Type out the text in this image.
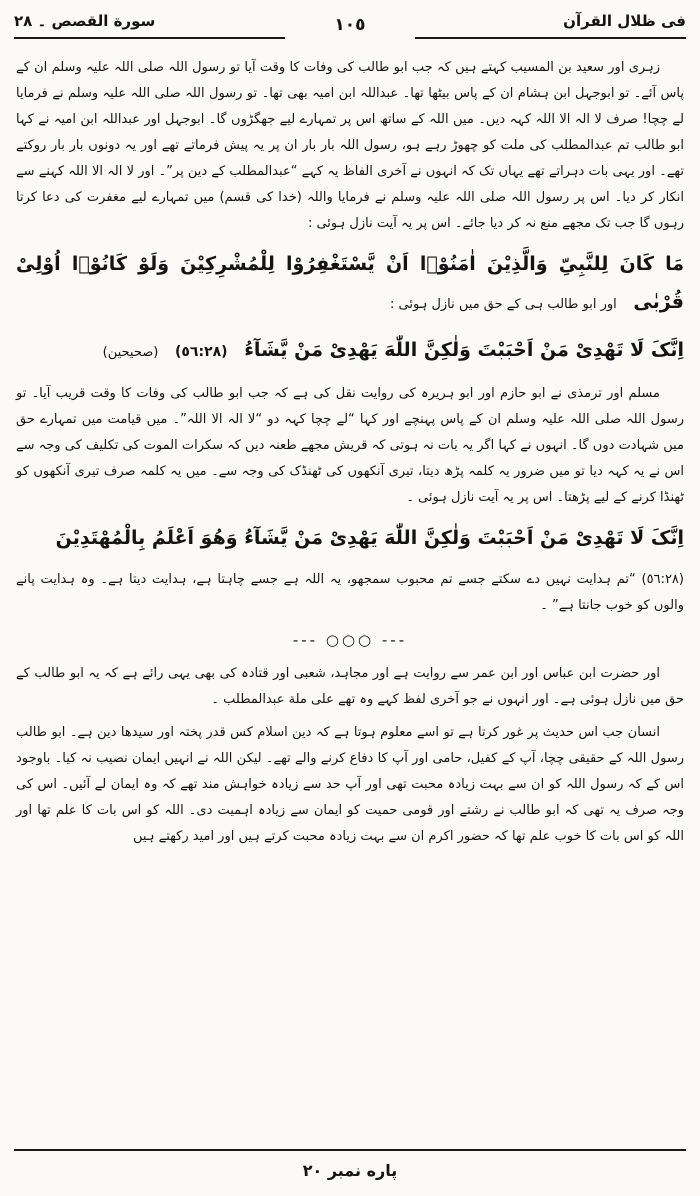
فی ظلال القرآن
١٠٥
سورة القصص ۔ ٢٨

زہری اور سعید بن المسیب کہتے ہیں کہ جب ابو طالب کی وفات کا وقت آیا تو رسول اللہ صلی اللہ علیہ وسلم ان کے پاس آئے۔ تو ابوجہل ابن ہشام ان کے پاس بیٹھا تھا۔ عبداللہ ابن امیہ بھی تھا۔ تو رسول اللہ صلی اللہ علیہ وسلم نے فرمایا لے چچا! صرف لا الہ الا اللہ کہہ دیں۔ میں اللہ کے ساتھ اس پر تمہارے لیے جھگڑوں گا۔ ابوجہل اور عبداللہ ابن امیہ نے کہا ابو طالب تم عبدالمطلب کی ملت کو چھوڑ رہے ہو، رسول اللہ بار بار ان پر یہ پیش فرماتے تھے اور یہ دونوں بار بار روکتے تھے۔ اور یہی بات دہراتے تھے یہاں تک کہ انہوں نے آخری الفاظ یہ کہے “عبدالمطلب کے دین پر”۔ اور لا الہ الا اللہ کہنے سے انکار کر دیا۔ اس پر رسول اللہ صلی اللہ علیہ وسلم نے فرمایا واللہ (خدا کی قسم) میں تمہارے لیے مغفرت کی دعا کرتا رہوں گا جب تک مجھے منع نہ کر دیا جائے۔ اس پر یہ آیت نازل ہوئی :

مَا کَانَ لِلنَّبِیِّ وَالَّذِیْنَ اٰمَنُوْۤا اَنْ یَّسْتَغْفِرُوْا لِلْمُشْرِکِیْنَ وَلَوْ کَانُوْۤا اُوْلِیْ قُرْبٰی اور ابو طالب ہی کے حق میں نازل ہوئی :
اِنَّکَ لَا تَهْدِیْ مَنْ اَحْبَبْتَ وَلٰکِنَّ اللّٰهَ یَهْدِیْ مَنْ یَّشَآءُ (٥٦:٢٨) (صحیحین)

مسلم اور ترمذی نے ابو حازم اور ابو ہریرہ کی روایت نقل کی ہے کہ جب ابو طالب کی وفات کا وقت قریب آیا۔ تو رسول اللہ صلی اللہ علیہ وسلم ان کے پاس پہنچے اور کہا “لے چچا کہہ دو “لا الہ الا اللہ”۔ میں قیامت میں تمہارے حق میں شہادت دوں گا۔ انہوں نے کہا اگر یہ بات نہ ہوتی کہ قریش مجھے طعنہ دیں کہ سکرات الموت کی تکلیف کی وجہ سے اس نے یہ کہہ دیا تو میں ضرور یہ کلمہ پڑھ دیتا، تیری آنکھوں کی ٹھنڈک کی وجہ سے۔ میں یہ کلمہ صرف تیری آنکھوں کو ٹھنڈا کرنے کے لیے پڑھتا۔ اس پر یہ آیت نازل ہوئی ۔

اِنَّکَ لَا تَهْدِیْ مَنْ اَحْبَبْتَ وَلٰکِنَّ اللّٰهَ یَهْدِیْ مَنْ یَّشَآءُ وَهُوَ اَعْلَمُ بِالْمُهْتَدِیْنَ

(٥٦:٢٨) “تم ہدایت نہیں دے سکتے جسے تم محبوب سمجھو، یہ اللہ ہے جسے چاہتا ہے، ہدایت دیتا ہے۔ وہ ہدایت پانے والوں کو خوب جانتا ہے” ۔

--- ○○○ ---

اور حضرت ابن عباس اور ابن عمر سے روایت ہے اور مجاہد، شعبی اور قتادہ کی بھی یہی رائے ہے کہ یہ ابو طالب کے حق میں نازل ہوئی ہے۔ اور انہوں نے جو آخری لفظ کہے وہ تھے علی ملة عبدالمطلب ۔

انسان جب اس حدیث پر غور کرتا ہے تو اسے معلوم ہوتا ہے کہ دین اسلام کس قدر پختہ اور سیدھا دین ہے۔ ابو طالب رسول اللہ کے حقیقی چچا، آپ کے کفیل، حامی اور آپ کا دفاع کرنے والے تھے۔ لیکن اللہ نے انہیں ایمان نصیب نہ کیا۔ باوجود اس کے کہ رسول اللہ کو ان سے بہت زیادہ محبت تھی اور آپ حد سے زیادہ خواہش مند تھے کہ وہ ایمان لے آئیں۔ اس کی وجہ صرف یہ تھی کہ ابو طالب نے رشتے اور قومی حمیت کو ایمان سے زیادہ اہمیت دی۔ اللہ کو اس بات کا علم تھا اور اللہ کو اس بات کا خوب علم تھا کہ حضور اکرم ان سے بہت زیادہ محبت کرتے ہیں اور امید رکھتے ہیں

پاره نمبر ٢٠
